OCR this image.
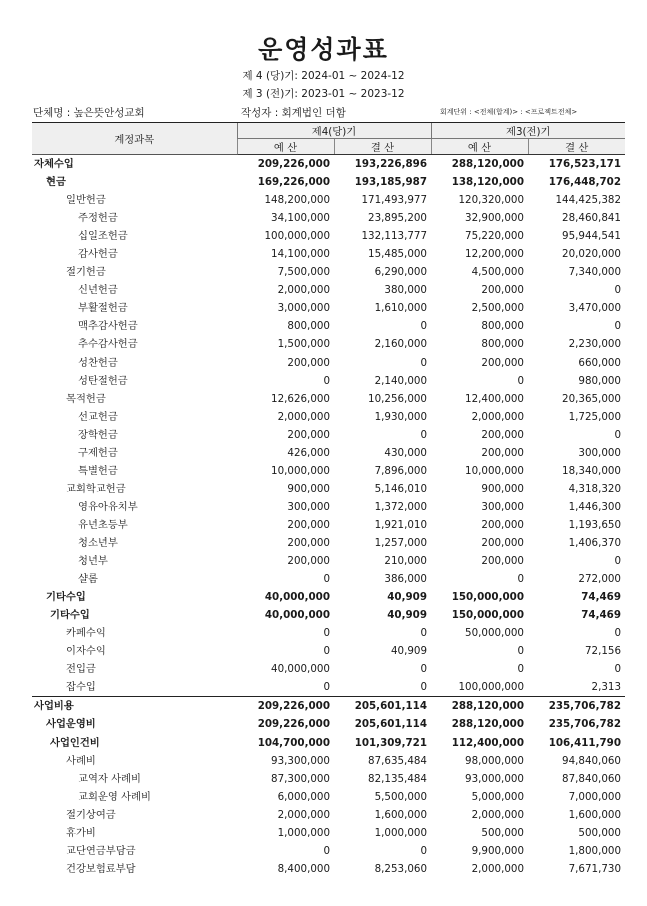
운영성과표
제 4 (당)기: 2024-01 ~ 2024-12
제 3 (전)기: 2023-01 ~ 2023-12
단체명 : 높은뜻안성교회	작성자 : 회계법인 더함	회계단위 : <전체(합계)> : <프로젝트전체>
계정과목	제4(당)기		제3(전)기	
	예 산	결 산	예 산	결 산
자체수입	209,226,000	193,226,896	288,120,000	176,523,171
현금	169,226,000	193,185,987	138,120,000	176,448,702
일반헌금	148,200,000	171,493,977	120,320,000	144,425,382
주정헌금	34,100,000	23,895,200	32,900,000	28,460,841
십일조헌금	100,000,000	132,113,777	75,220,000	95,944,541
감사헌금	14,100,000	15,485,000	12,200,000	20,020,000
절기헌금	7,500,000	6,290,000	4,500,000	7,340,000
신년헌금	2,000,000	380,000	200,000	0
부활절헌금	3,000,000	1,610,000	2,500,000	3,470,000
맥추감사헌금	800,000	0	800,000	0
추수감사헌금	1,500,000	2,160,000	800,000	2,230,000
성찬헌금	200,000	0	200,000	660,000
성탄절헌금	0	2,140,000	0	980,000
목적헌금	12,626,000	10,256,000	12,400,000	20,365,000
선교헌금	2,000,000	1,930,000	2,000,000	1,725,000
장학헌금	200,000	0	200,000	0
구제헌금	426,000	430,000	200,000	300,000
특별헌금	10,000,000	7,896,000	10,000,000	18,340,000
교회학교헌금	900,000	5,146,010	900,000	4,318,320
영유아유치부	300,000	1,372,000	300,000	1,446,300
유년초등부	200,000	1,921,010	200,000	1,193,650
청소년부	200,000	1,257,000	200,000	1,406,370
청년부	200,000	210,000	200,000	0
샬롬	0	386,000	0	272,000
기타수입	40,000,000	40,909	150,000,000	74,469
기타수입	40,000,000	40,909	150,000,000	74,469
카페수익	0	0	50,000,000	0
이자수익	0	40,909	0	72,156
전입금	40,000,000	0	0	0
잡수입	0	0	100,000,000	2,313
사업비용	209,226,000	205,601,114	288,120,000	235,706,782
사업운영비	209,226,000	205,601,114	288,120,000	235,706,782
사업인건비	104,700,000	101,309,721	112,400,000	106,411,790
사례비	93,300,000	87,635,484	98,000,000	94,840,060
교역자 사례비	87,300,000	82,135,484	93,000,000	87,840,060
교회운영 사례비	6,000,000	5,500,000	5,000,000	7,000,000
절기상여금	2,000,000	1,600,000	2,000,000	1,600,000
휴가비	1,000,000	1,000,000	500,000	500,000
교단연금부담금	0	0	9,900,000	1,800,000
건강보험료부담	8,400,000	8,253,060	2,000,000	7,671,730
